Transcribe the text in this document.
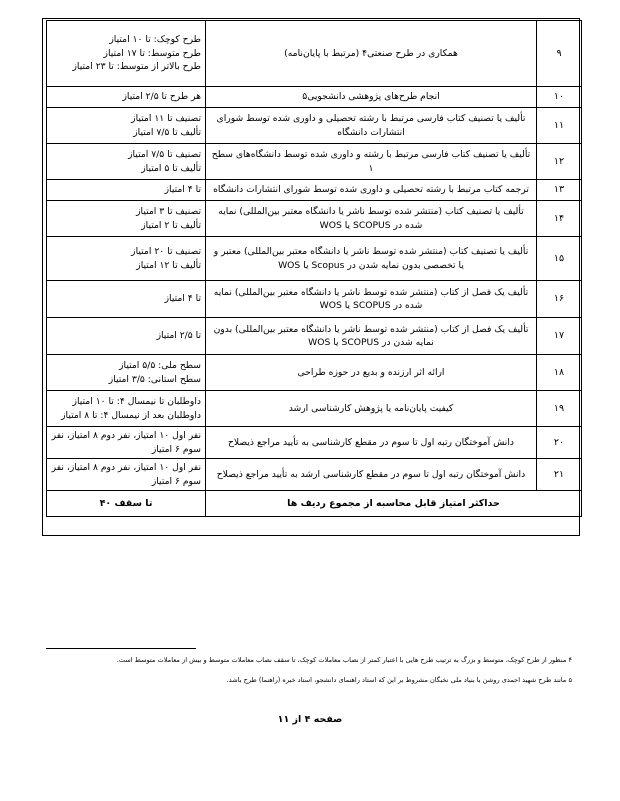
۹	همکاری در طرح صنعتی۴ (مرتبط با پایان‌نامه)	طرح کوچک: تا ۱۰ امتیاز
طرح متوسط: تا ۱۷ امتیاز
طرح بالاتر از متوسط: تا ۲۳ امتیاز

۱۰	انجام طرح‌های پژوهشی دانشجویی۵	هر طرح تا ۲/۵ امتیاز

۱۱	تألیف یا تصنیف کتاب فارسی مرتبط با رشته تحصیلی و داوری شده توسط شورای انتشارات دانشگاه	تصنیف تا ۱۱ امتیاز
تألیف تا ۷/۵ امتیاز

۱۲	تألیف یا تصنیف کتاب فارسی مرتبط با رشته و داوری شده توسط دانشگاه‌های سطح ۱	تصنیف تا ۷/۵ امتیاز
تألیف تا ۵ امتیاز

۱۳	ترجمه کتاب مرتبط با رشته تحصیلی و داوری شده توسط شورای انتشارات دانشگاه	تا ۴ امتیاز

۱۴	تألیف یا تصنیف کتاب (منتشر شده توسط ناشر یا دانشگاه معتبر بین‌المللی) نمایه شده در SCOPUS یا WOS	تصنیف تا ۳ امتیاز
تألیف تا ۲ امتیاز

۱۵	تألیف یا تصنیف کتاب (منتشر شده توسط ناشر یا دانشگاه معتبر بین‌المللی) معتبر و یا تخصصی بدون نمایه شدن در Scopus یا WOS	تصنیف تا ۲۰ امتیاز
تألیف تا ۱۲ امتیاز

۱۶	تألیف یک فصل از کتاب (منتشر شده توسط ناشر یا دانشگاه معتبر بین‌المللی) نمایه شده در SCOPUS یا WOS	تا ۴ امتیاز

۱۷	تألیف یک فصل از کتاب (منتشر شده توسط ناشر یا دانشگاه معتبر بین‌المللی) بدون نمایه شدن در SCOPUS یا WOS	تا ۲/۵ امتیاز

۱۸	ارائه اثر ارزنده و بدیع در حوزه طراحی	سطح ملی: ۵/۵ امتیاز
سطح استانی: ۳/۵ امتیاز

۱۹	کیفیت پایان‌نامه یا پژوهش کارشناسی ارشد	داوطلبان تا نیمسال ۴: تا ۱۰ امتیاز
داوطلبان بعد از نیمسال ۴: تا ۸ امتیاز

۲۰	دانش آموختگان رتبه اول تا سوم در مقطع کارشناسی به تأیید مراجع ذیصلاح	نفر اول ۱۰ امتیاز، نفر دوم ۸ امتیاز، نفر سوم ۶ امتیاز

۲۱	دانش آموختگان رتبه اول تا سوم در مقطع کارشناسی ارشد به تأیید مراجع ذیصلاح	نفر اول ۱۰ امتیاز، نفر دوم ۸ امتیاز، نفر سوم ۶ امتیاز

حداکثر امتیاز قابل محاسبه از مجموع ردیف ها		تا سقف ۴۰
۴ منظور از طرح کوچک، متوسط و بزرگ به ترتیب طرح هایی با اعتبار کمتر از نصاب معاملات کوچک، تا سقف نصاب معاملات متوسط و بیش از معاملات متوسط است.
۵ مانند طرح شهید احمدی روشن با بنیاد ملی نخبگان مشروط بر این که استاد راهنمای دانشجو، استاد خبره (راهنما) طرح باشد.
صفحه ۴ از ۱۱
